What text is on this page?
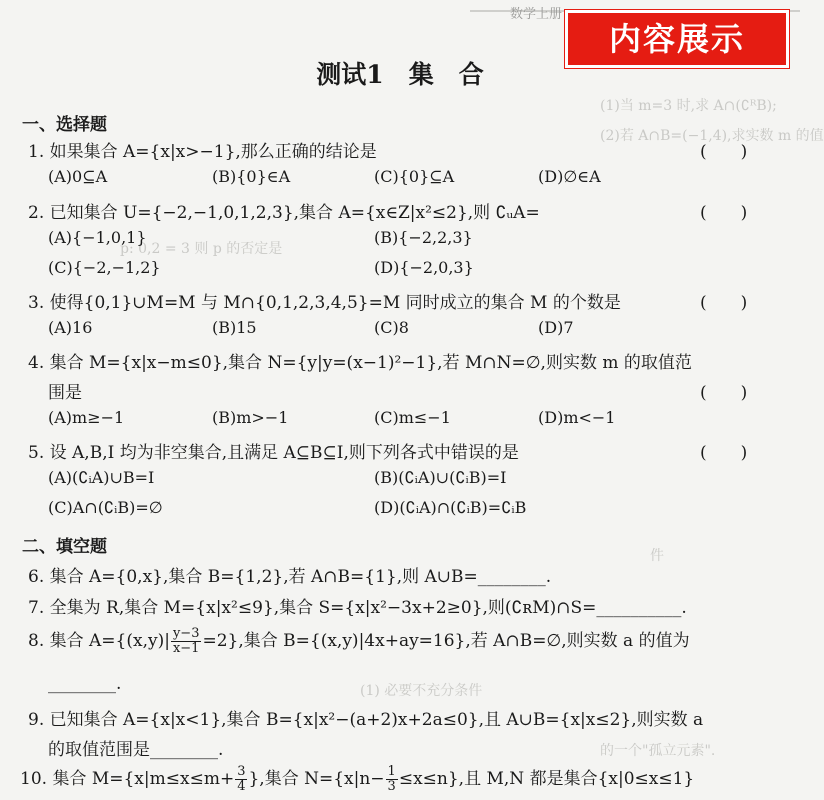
(1)当 m=3 时,求 A∩(∁ᴿB);
(2)若 A∩B=(−1,4),求实数 m 的值
p: 0,2 = 3 则 p 的否定是
(1) 必要不充分条件
件
的一个"孤立元素".
数学上册
内容展示
测试1　集　合
一、选择题
1. 如果集合 A={x|x>−1},那么正确的结论是	(　　)
(A)0⊆A	(B){0}∈A	(C){0}⊆A	(D)∅∈A
2. 已知集合 U={−2,−1,0,1,2,3},集合 A={x∈Z|x²≤2},则 ∁ᵤA=	(　　)
(A){−1,0,1}	(B){−2,2,3}
(C){−2,−1,2}	(D){−2,0,3}
3. 使得{0,1}∪M=M 与 M∩{0,1,2,3,4,5}=M 同时成立的集合 M 的个数是	(　　)
(A)16	(B)15	(C)8	(D)7
4. 集合 M={x|x−m≤0},集合 N={y|y=(x−1)²−1},若 M∩N=∅,则实数 m 的取值范
围是	(　　)
(A)m≥−1	(B)m>−1	(C)m≤−1	(D)m<−1
5. 设 A,B,I 均为非空集合,且满足 A⊆B⊆I,则下列各式中错误的是	(　　)
(A)(∁ᵢA)∪B=I	(B)(∁ᵢA)∪(∁ᵢB)=I
(C)A∩(∁ᵢB)=∅	(D)(∁ᵢA)∩(∁ᵢB)=∁ᵢB
二、填空题
6. 集合 A={0,x},集合 B={1,2},若 A∩B={1},则 A∪B=________.
7. 全集为 R,集合 M={x|x²≤9},集合 S={x|x²−3x+2≥0},则(∁ʀM)∩S=__________.
8. 集合 $A=\{(x,y)| \frac{y-3}{x-1} =2\}$,集合 B={(x,y)|4x+ay=16},若 A∩B=∅,则实数 a 的值为
________.
9. 已知集合 A={x|x<1},集合 B={x|x²−(a+2)x+2a≤0},且 A∪B={x|x≤2},则实数 a
的取值范围是________.
10. 集合 $M=\{x|m\le x\le m+ \frac{3}{4}$ },集合 $N=\{x|n- \frac{1}{3} \le x\le n\}$,且 M,N 都是集合{x|0≤x≤1}
